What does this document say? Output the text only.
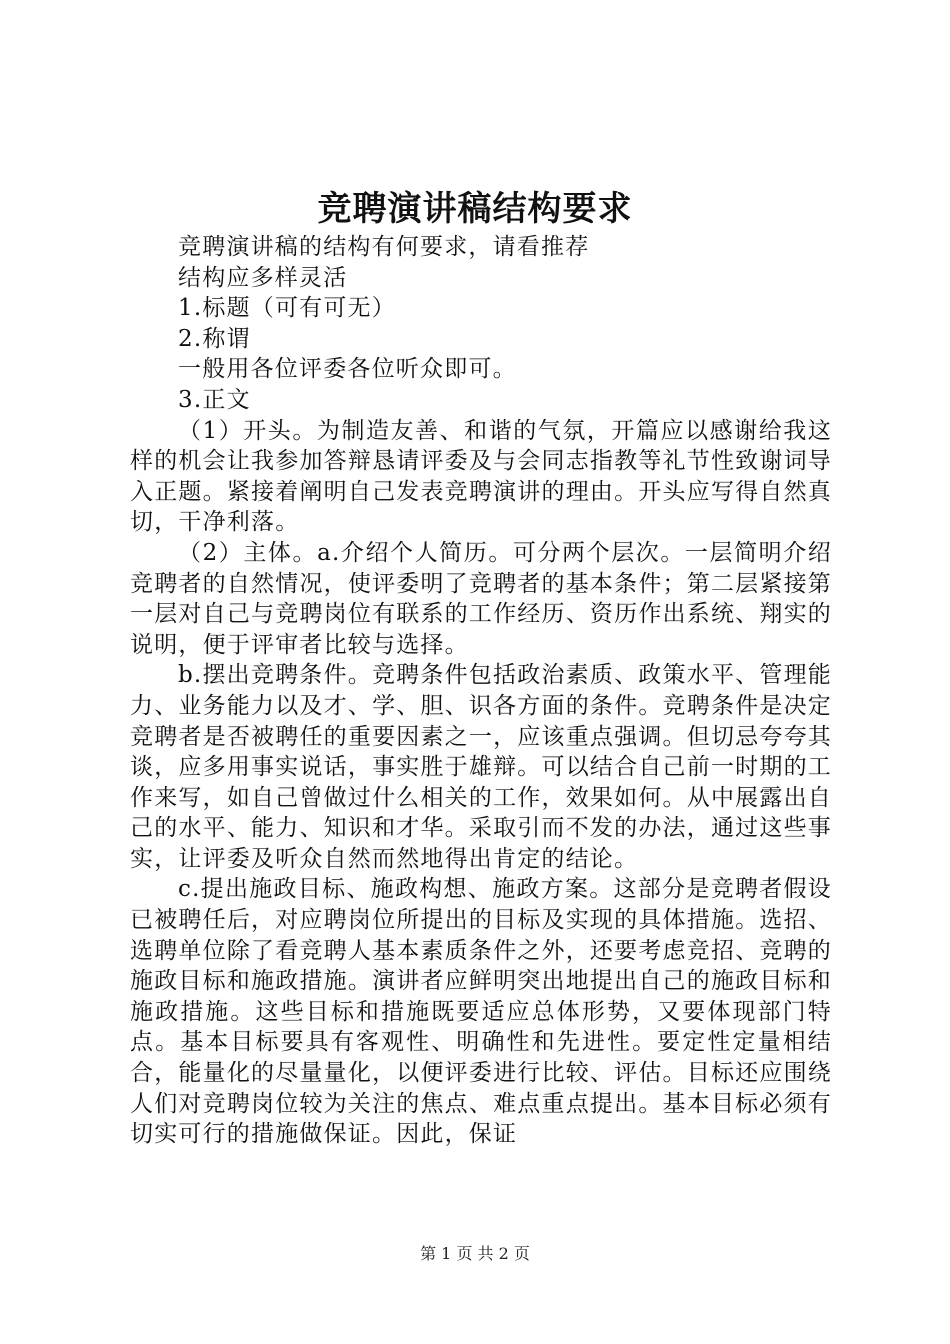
竞聘演讲稿结构要求
竞聘演讲稿的结构有何要求，请看推荐
结构应多样灵活
1.标题（可有可无）
2.称谓
一般用各位评委各位听众即可。
3.正文
（1）开头。为制造友善、和谐的气氛，开篇应以感谢给我这样的机会让我参加答辩恳请评委及与会同志指教等礼节性致谢词导入正题。紧接着阐明自己发表竞聘演讲的理由。开头应写得自然真切，干净利落。
（2）主体。a.介绍个人简历。可分两个层次。一层简明介绍竞聘者的自然情况，使评委明了竞聘者的基本条件；第二层紧接第一层对自己与竞聘岗位有联系的工作经历、资历作出系统、翔实的说明，便于评审者比较与选择。
b.摆出竞聘条件。竞聘条件包括政治素质、政策水平、管理能力、业务能力以及才、学、胆、识各方面的条件。竞聘条件是决定竞聘者是否被聘任的重要因素之一，应该重点强调。但切忌夸夸其谈，应多用事实说话，事实胜于雄辩。可以结合自己前一时期的工作来写，如自己曾做过什么相关的工作，效果如何。从中展露出自己的水平、能力、知识和才华。采取引而不发的办法，通过这些事实，让评委及听众自然而然地得出肯定的结论。
c.提出施政目标、施政构想、施政方案。这部分是竞聘者假设已被聘任后，对应聘岗位所提出的目标及实现的具体措施。选招、选聘单位除了看竞聘人基本素质条件之外，还要考虑竞招、竞聘的施政目标和施政措施。演讲者应鲜明突出地提出自己的施政目标和施政措施。这些目标和措施既要适应总体形势，又要体现部门特点。基本目标要具有客观性、明确性和先进性。要定性定量相结合，能量化的尽量量化，以便评委进行比较、评估。目标还应围绕人们对竞聘岗位较为关注的焦点、难点重点提出。基本目标必须有切实可行的措施做保证。因此，保证
第 1 页 共 2 页
